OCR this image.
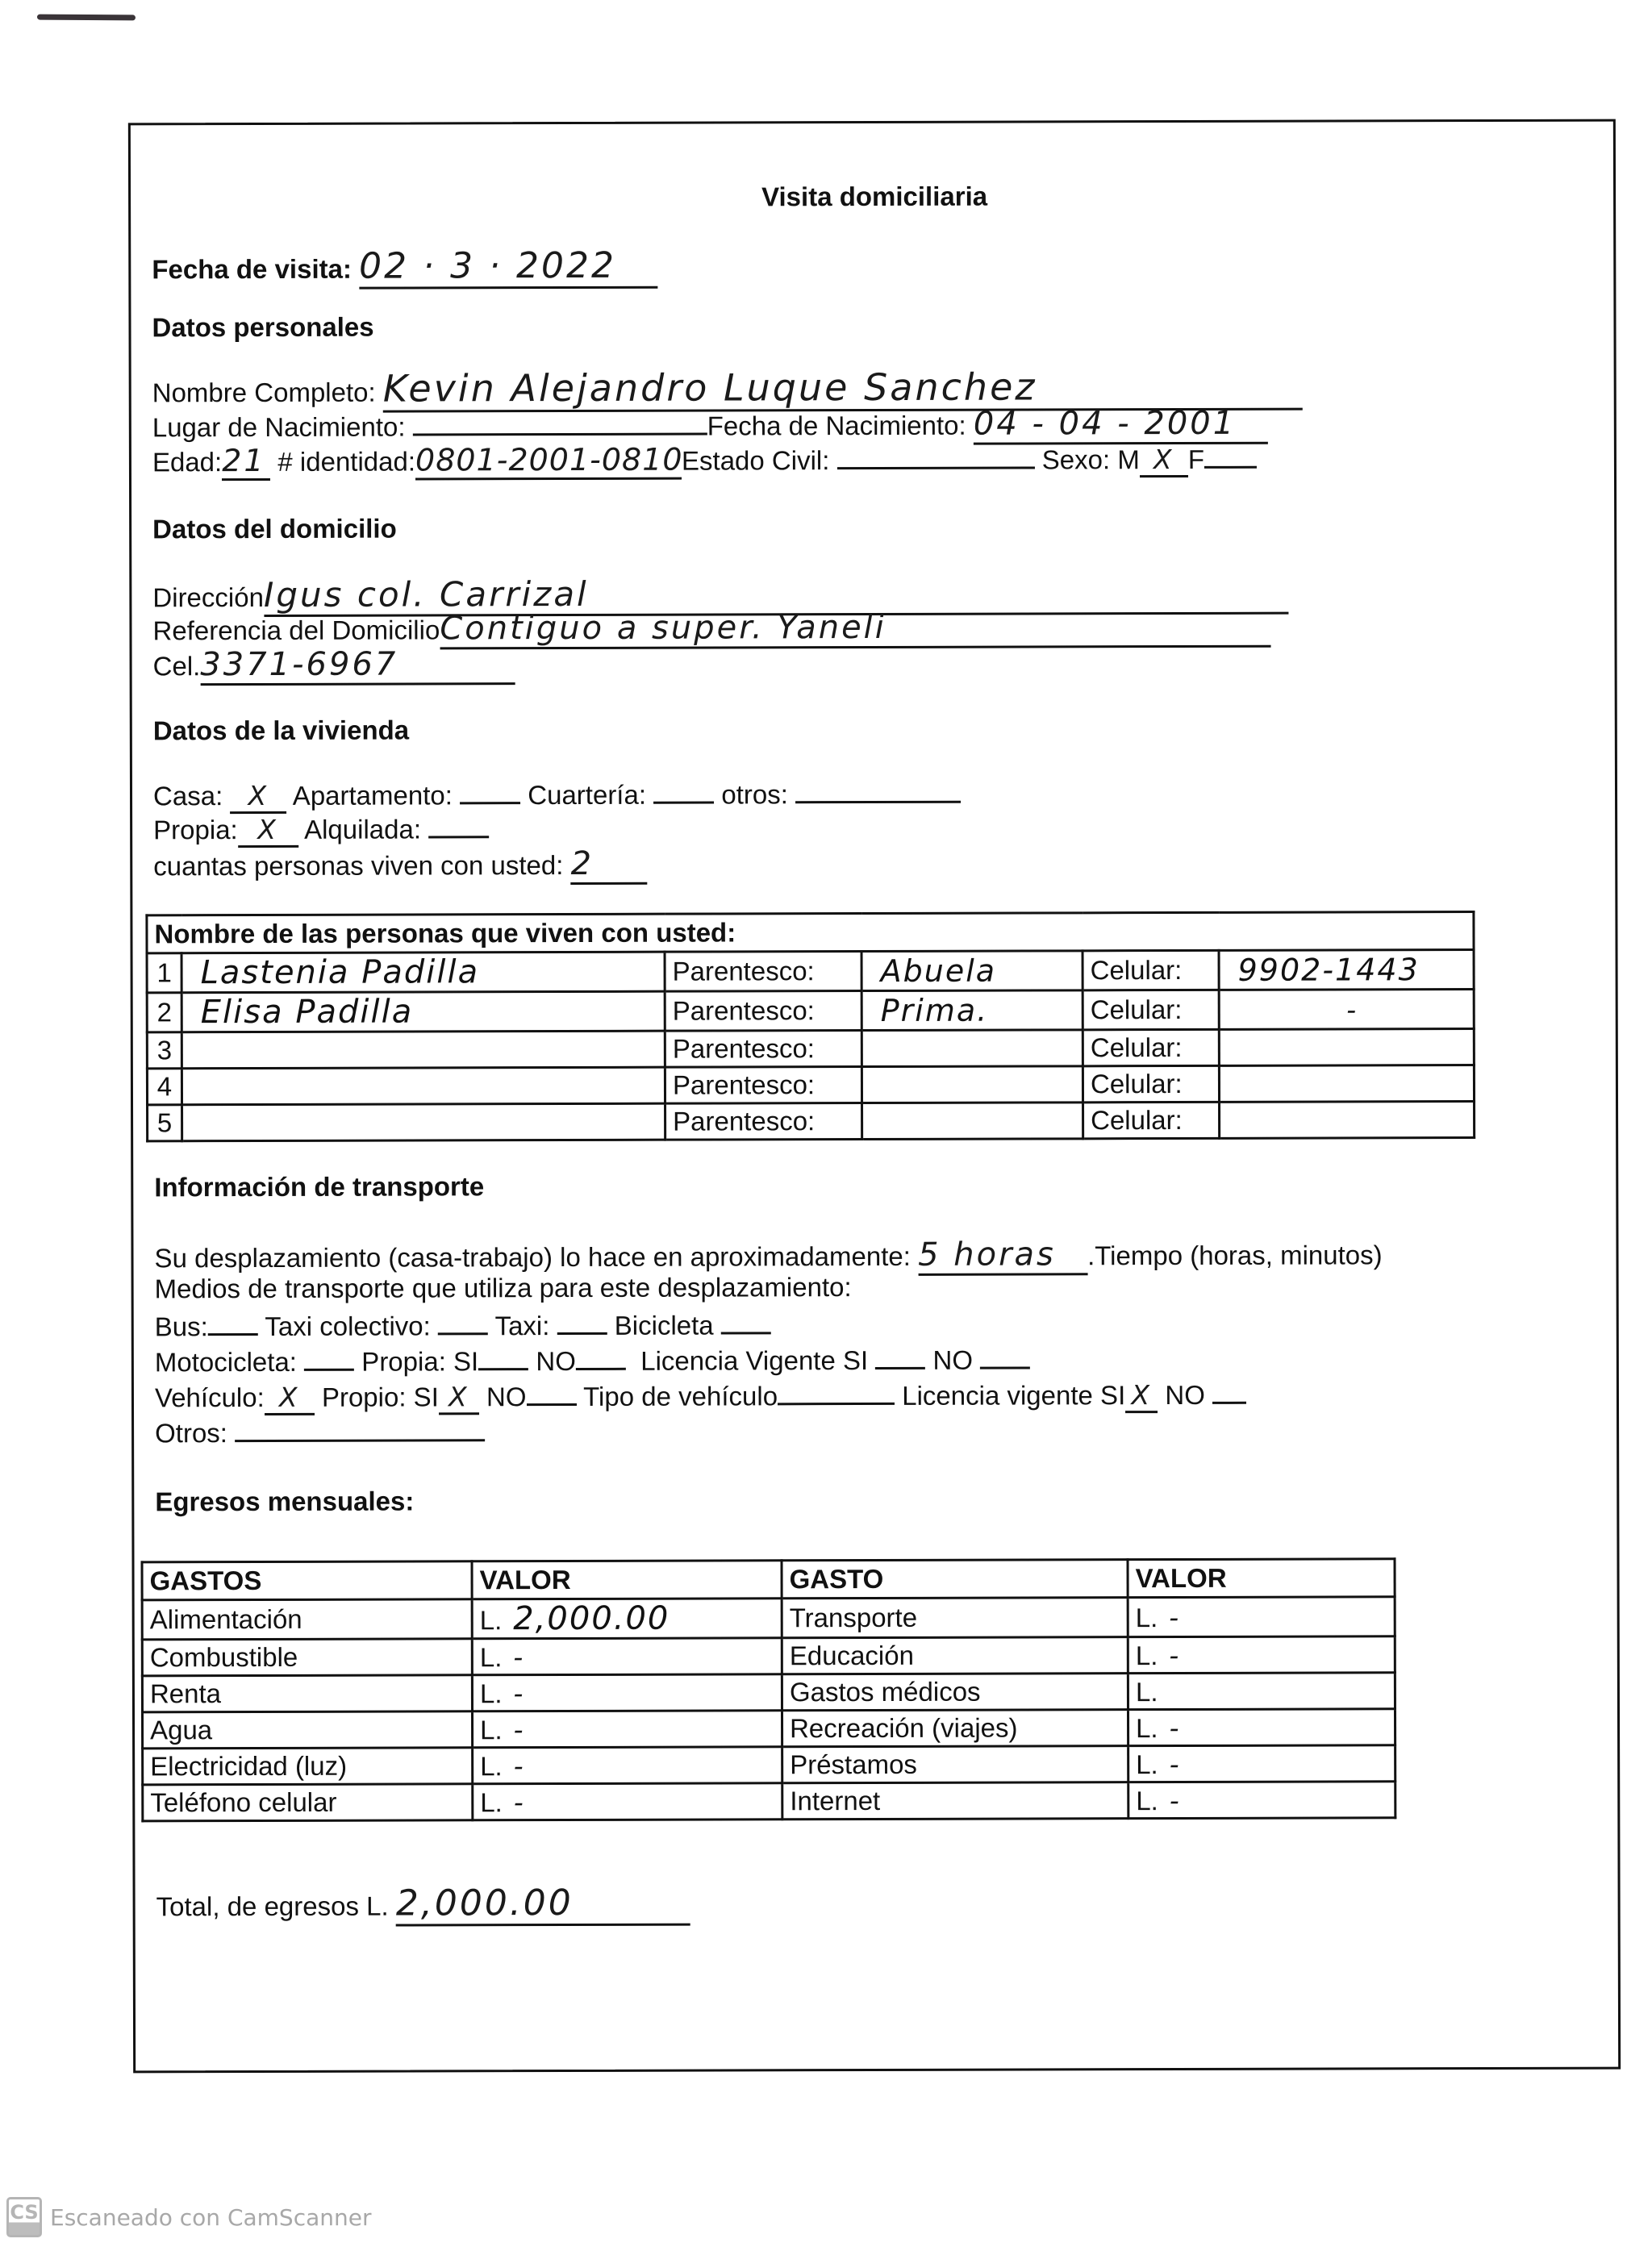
Visita domiciliaria
Fecha de visita: 02 · 3 · 2022
Datos personales
Nombre Completo: Kevin Alejandro Luque Sanchez
Lugar de Nacimiento:	Fecha de Nacimiento: 04 - 04 - 2001
Edad:21 # identidad:0801-2001-0810Estado Civil:	Sexo: M X F
Datos del domicilio
DirecciónIgus col. Carrizal
Referencia del DomicilioContiguo a super. Yaneli
Cel.3371-6967
Datos de la vivienda
Casa: X Apartamento:	Cuartería:	otros:
Propia: X Alquilada:
cuantas personas viven con usted: 2
Nombre de las personas que viven con usted:					
1	Lastenia Padilla	Parentesco:	Abuela	Celular:	9902-1443
2	Elisa Padilla	Parentesco:	Prima.	Celular:	-
3		Parentesco:		Celular:	
4		Parentesco:		Celular:	
5		Parentesco:		Celular:	
Información de transporte
Su desplazamiento (casa-trabajo) lo hace en aproximadamente: 5 horas .Tiempo (horas, minutos)
Medios de transporte que utiliza para este desplazamiento:
Bus: Taxi colectivo: Taxi: Bicicleta
Motocicleta: Propia: SI NO Licencia Vigente SI NO
Vehículo: X Propio: SI X NO Tipo de vehículo	Licencia vigente SI X NO
Otros:
Egresos mensuales:
GASTOS	VALOR	GASTO	VALOR
Alimentación	L. 2,000.00	Transporte	L. -
Combustible	L. -	Educación	L. -
Renta	L. -	Gastos médicos	L.
Agua	L. -	Recreación (viajes)	L. -
Electricidad (luz)	L. -	Préstamos	L. -
Teléfono celular	L. -	Internet	L. -
Total, de egresos L. 2,000.00
CS Escaneado con CamScanner
